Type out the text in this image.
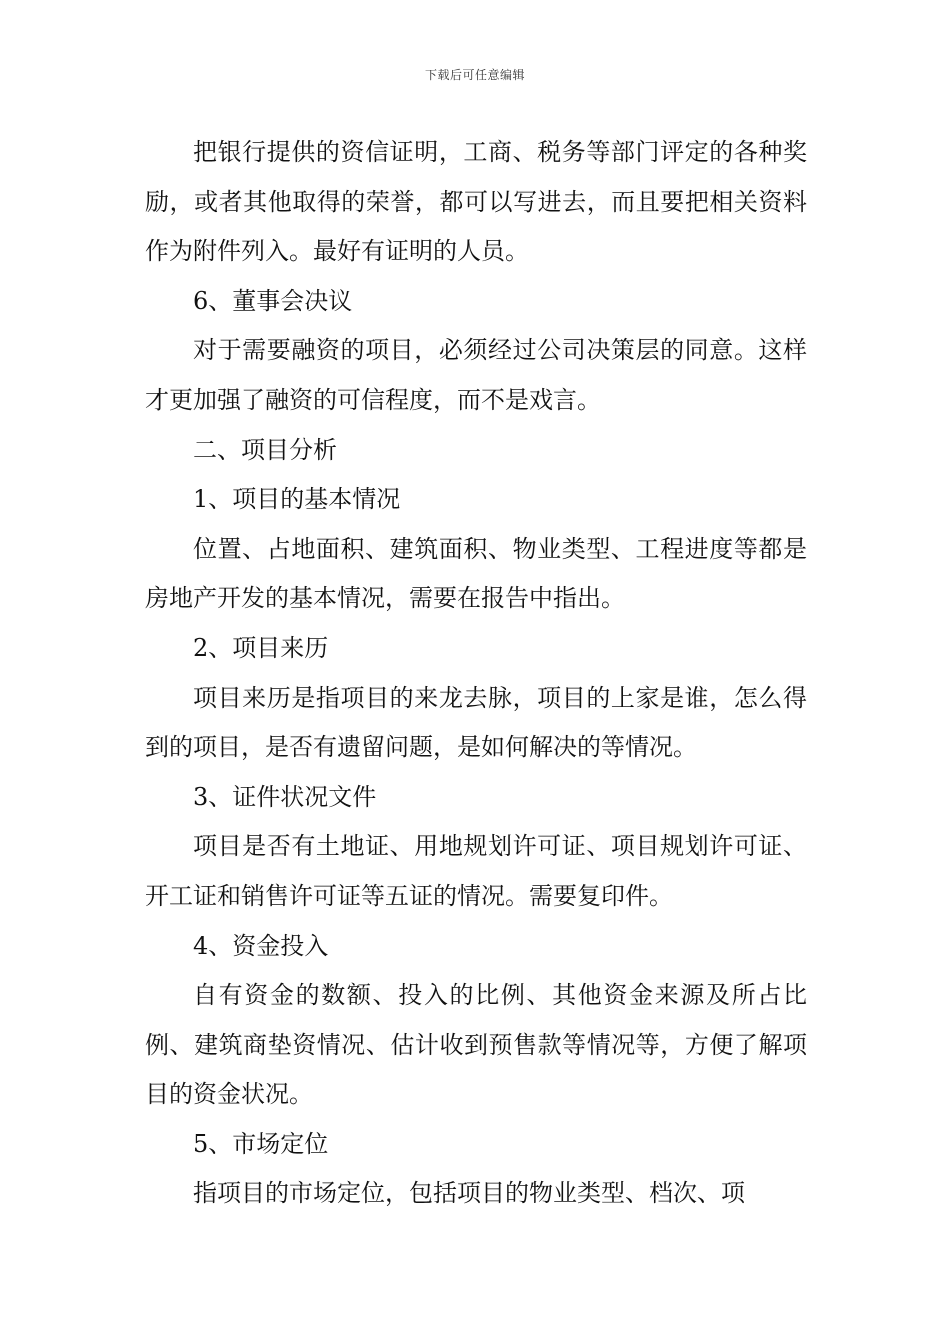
下载后可任意编辑

把银行提供的资信证明，工商、税务等部门评定的各种奖励，或者其他取得的荣誉，都可以写进去，而且要把相关资料作为附件列入。最好有证明的人员。

6、董事会决议

对于需要融资的项目，必须经过公司决策层的同意。这样才更加强了融资的可信程度，而不是戏言。

二、项目分析

1、项目的基本情况

位置、占地面积、建筑面积、物业类型、工程进度等都是房地产开发的基本情况，需要在报告中指出。

2、项目来历

项目来历是指项目的来龙去脉，项目的上家是谁，怎么得到的项目，是否有遗留问题，是如何解决的等情况。

3、证件状况文件

项目是否有土地证、用地规划许可证、项目规划许可证、开工证和销售许可证等五证的情况。需要复印件。

4、资金投入

自有资金的数额、投入的比例、其他资金来源及所占比例、建筑商垫资情况、估计收到预售款等情况等，方便了解项目的资金状况。

5、市场定位

指项目的市场定位，包括项目的物业类型、档次、项
